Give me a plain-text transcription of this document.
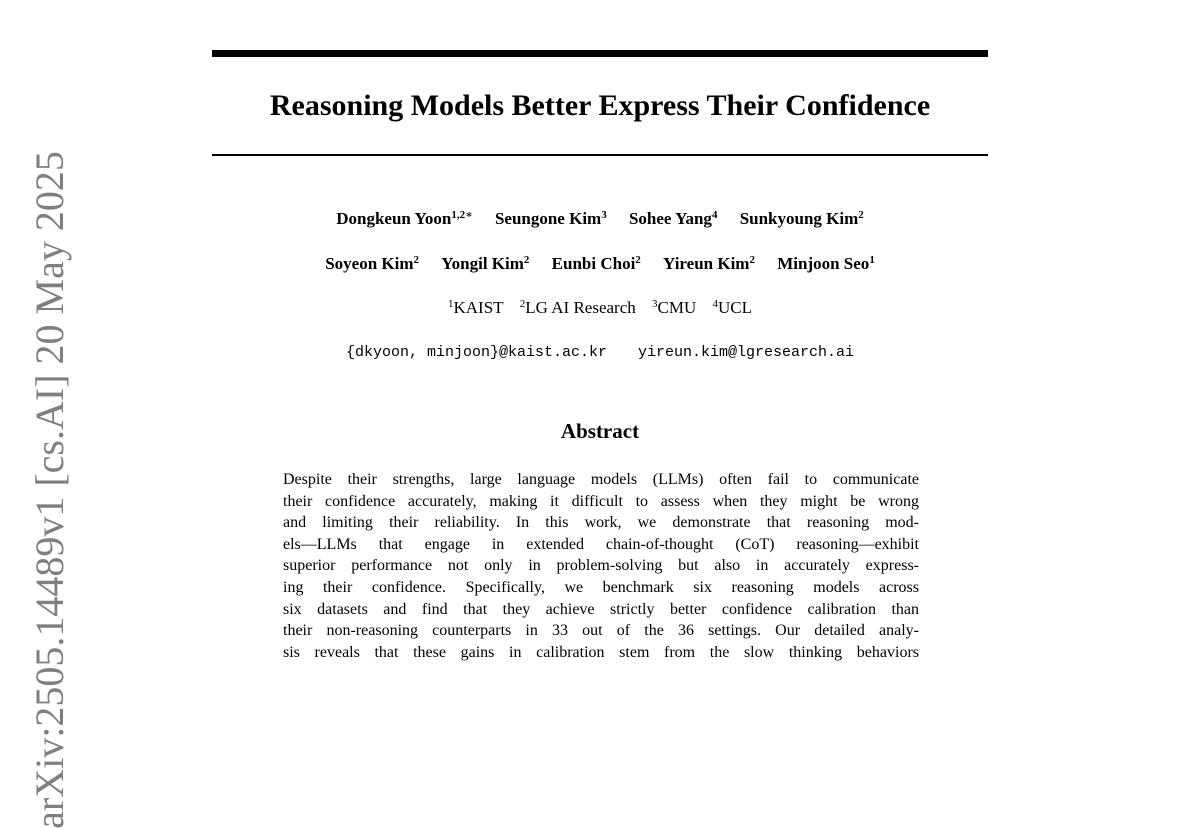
Reasoning Models Better Express Their Confidence
Dongkeun Yoon$^{1,2∗}$ Seungone Kim$^3$ Sohee Yang$^4$ Sunkyoung Kim$^2$
Soyeon Kim$^2$ Yongil Kim$^2$ Eunbi Choi$^2$ Yireun Kim$^2$ Minjoon Seo$^1$
$^1$KAIST $^2$LG AI Research $^3$CMU $^4$UCL
{dkyoon, minjoon}@kaist.ac.kr yireun.kim@lgresearch.ai
Abstract
Despite their strengths, large language models (LLMs) often fail to communicate
their confidence accurately, making it difficult to assess when they might be wrong
and limiting their reliability. In this work, we demonstrate that reasoning mod-
els—LLMs that engage in extended chain-of-thought (CoT) reasoning—exhibit
superior performance not only in problem-solving but also in accurately express-
ing their confidence. Specifically, we benchmark six reasoning models across
six datasets and find that they achieve strictly better confidence calibration than
their non-reasoning counterparts in 33 out of the 36 settings. Our detailed analy-
sis reveals that these gains in calibration stem from the slow thinking behaviors
arXiv:2505.14489v1 [cs.AI] 20 May 2025
